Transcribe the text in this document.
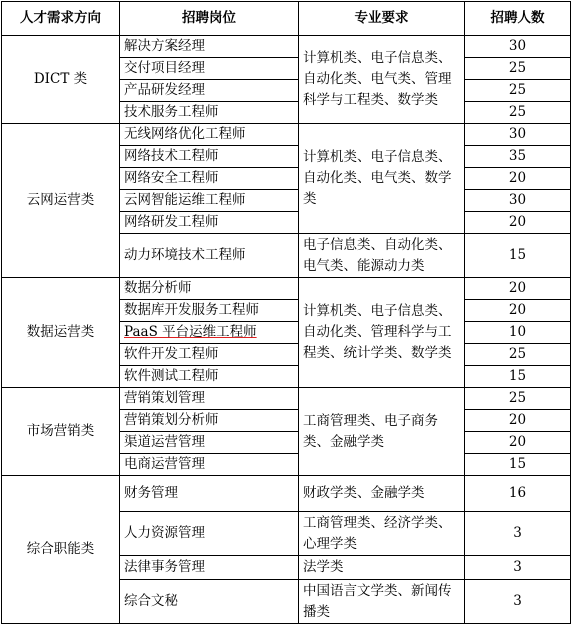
人才需求方向	招聘岗位	专业要求	招聘人数
DICT 类	解决方案经理	计算机类、电子信息类、自动化类、电气类、管理科学与工程类、数学类	30
	交付项目经理		25
	产品研发经理		25
	技术服务工程师		25
云网运营类	无线网络优化工程师	计算机类、电子信息类、自动化类、电气类、数学类	30
	网络技术工程师		35
	网络安全工程师		20
	云网智能运维工程师		30
	网络研发工程师		20
	动力环境技术工程师	电子信息类、自动化类、电气类、能源动力类	15
数据运营类	数据分析师	计算机类、电子信息类、自动化类、管理科学与工程类、统计学类、数学类	20
	数据库开发服务工程师		20
	PaaS 平台运维工程师		10
	软件开发工程师		25
	软件测试工程师		15
市场营销类	营销策划管理	工商管理类、电子商务类、金融学类	25
	营销策划分析师		20
	渠道运营管理		20
	电商运营管理		15
综合职能类	财务管理	财政学类、金融学类	16
	人力资源管理	工商管理类、经济学类、心理学类	3
	法律事务管理	法学类	3
	综合文秘	中国语言文学类、新闻传播类	3
